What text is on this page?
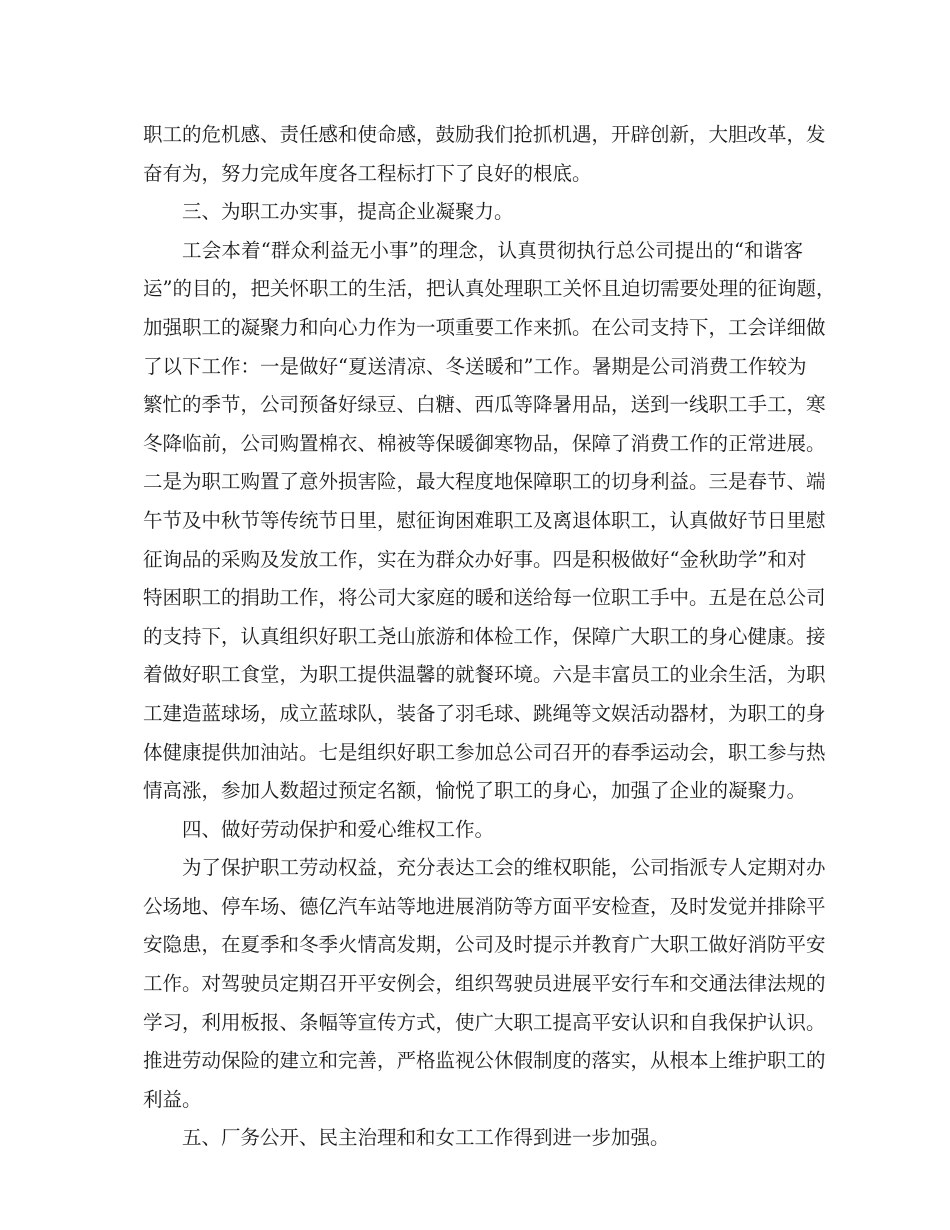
职工的危机感、责任感和使命感，鼓励我们抢抓机遇，开辟创新，大胆改革，发
奋有为，努力完成年度各工程标打下了良好的根底。
三、为职工办实事，提高企业凝聚力。
工会本着“群众利益无小事”的理念，认真贯彻执行总公司提出的“和谐客
运”的目的，把关怀职工的生活，把认真处理职工关怀且迫切需要处理的征询题，
加强职工的凝聚力和向心力作为一项重要工作来抓。在公司支持下，工会详细做
了以下工作：一是做好“夏送清凉、冬送暖和”工作。暑期是公司消费工作较为
繁忙的季节，公司预备好绿豆、白糖、西瓜等降暑用品，送到一线职工手工，寒
冬降临前，公司购置棉衣、棉被等保暖御寒物品，保障了消费工作的正常进展。
二是为职工购置了意外损害险，最大程度地保障职工的切身利益。三是春节、端
午节及中秋节等传统节日里，慰征询困难职工及离退体职工，认真做好节日里慰
征询品的采购及发放工作，实在为群众办好事。四是积极做好“金秋助学”和对
特困职工的捐助工作，将公司大家庭的暖和送给每一位职工手中。五是在总公司
的支持下，认真组织好职工尧山旅游和体检工作，保障广大职工的身心健康。接
着做好职工食堂，为职工提供温馨的就餐环境。六是丰富员工的业余生活，为职
工建造蓝球场，成立蓝球队，装备了羽毛球、跳绳等文娱活动器材，为职工的身
体健康提供加油站。七是组织好职工参加总公司召开的春季运动会，职工参与热
情高涨，参加人数超过预定名额，愉悦了职工的身心，加强了企业的凝聚力。
四、做好劳动保护和爱心维权工作。
为了保护职工劳动权益，充分表达工会的维权职能，公司指派专人定期对办
公场地、停车场、德亿汽车站等地进展消防等方面平安检查，及时发觉并排除平
安隐患，在夏季和冬季火情高发期，公司及时提示并教育广大职工做好消防平安
工作。对驾驶员定期召开平安例会，组织驾驶员进展平安行车和交通法律法规的
学习，利用板报、条幅等宣传方式，使广大职工提高平安认识和自我保护认识。
推进劳动保险的建立和完善，严格监视公休假制度的落实，从根本上维护职工的
利益。
五、厂务公开、民主治理和和女工工作得到进一步加强。
